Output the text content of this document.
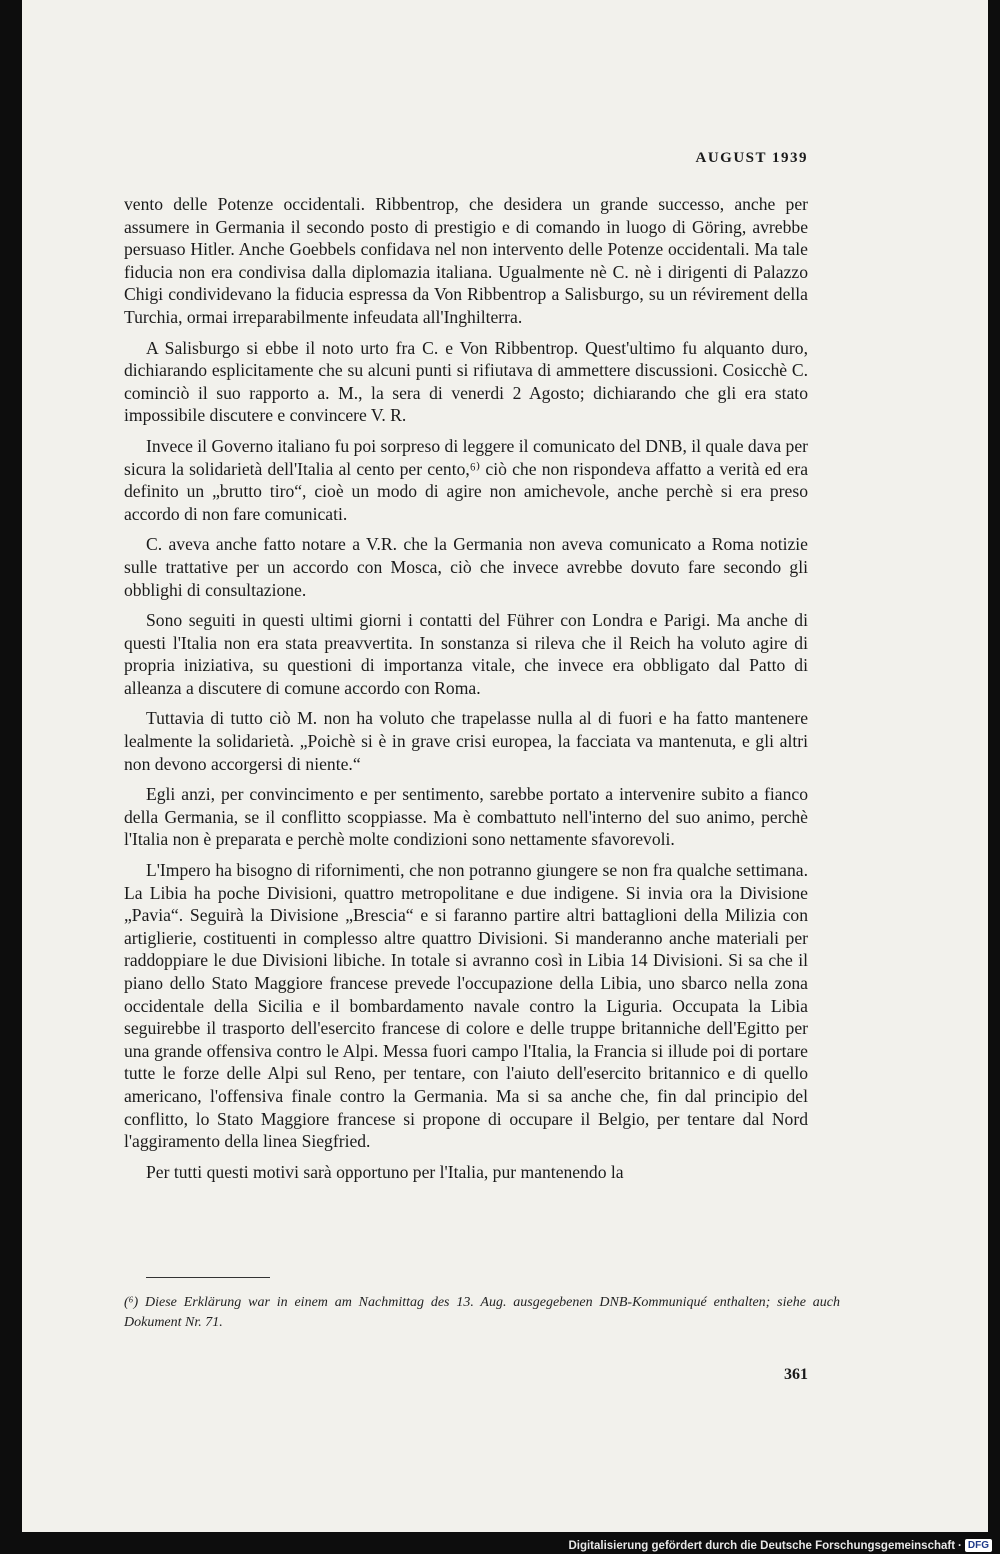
AUGUST 1939

vento delle Potenze occidentali. Ribbentrop, che desidera un grande successo, anche per assumere in Germania il secondo posto di prestigio e di comando in luogo di Göring, avrebbe persuaso Hitler. Anche Goebbels confidava nel non intervento delle Potenze occidentali. Ma tale fiducia non era condivisa dalla diplomazia italiana. Ugualmente nè C. nè i dirigenti di Palazzo Chigi condividevano la fiducia espressa da Von Ribbentrop a Salisburgo, su un révirement della Turchia, ormai irreparabilmente infeudata all'Inghilterra.

A Salisburgo si ebbe il noto urto fra C. e Von Ribbentrop. Quest'ultimo fu alquanto duro, dichiarando esplicitamente che su alcuni punti si rifiutava di ammettere discussioni. Cosicchè C. cominciò il suo rapporto a. M., la sera di venerdi 2 Agosto; dichiarando che gli era stato impossibile discutere e convincere V. R.

Invece il Governo italiano fu poi sorpreso di leggere il comunicato del DNB, il quale dava per sicura la solidarietà dell'Italia al cento per cento,⁶⁾ ciò che non rispondeva affatto a verità ed era definito un „brutto tiro“, cioè un modo di agire non amichevole, anche perchè si era preso accordo di non fare comunicati.

C. aveva anche fatto notare a V.R. che la Germania non aveva comunicato a Roma notizie sulle trattative per un accordo con Mosca, ciò che invece avrebbe dovuto fare secondo gli obblighi di consultazione.

Sono seguiti in questi ultimi giorni i contatti del Führer con Londra e Parigi. Ma anche di questi l'Italia non era stata preavvertita. In sonstanza si rileva che il Reich ha voluto agire di propria iniziativa, su questioni di importanza vitale, che invece era obbligato dal Patto di alleanza a discutere di comune accordo con Roma.

Tuttavia di tutto ciò M. non ha voluto che trapelasse nulla al di fuori e ha fatto mantenere lealmente la solidarietà. „Poichè si è in grave crisi europea, la facciata va mantenuta, e gli altri non devono accorgersi di niente.“

Egli anzi, per convincimento e per sentimento, sarebbe portato a intervenire subito a fianco della Germania, se il conflitto scoppiasse. Ma è combattuto nell'interno del suo animo, perchè l'Italia non è preparata e perchè molte condizioni sono nettamente sfavorevoli.

L'Impero ha bisogno di rifornimenti, che non potranno giungere se non fra qualche settimana. La Libia ha poche Divisioni, quattro metropolitane e due indigene. Si invia ora la Divisione „Pavia“. Seguirà la Divisione „Brescia“ e si faranno partire altri battaglioni della Milizia con artiglierie, costituenti in complesso altre quattro Divisioni. Si manderanno anche materiali per raddoppiare le due Divisioni libiche. In totale si avranno così in Libia 14 Divisioni. Si sa che il piano dello Stato Maggiore francese prevede l'occupazione della Libia, uno sbarco nella zona occidentale della Sicilia e il bombardamento navale contro la Liguria. Occupata la Libia seguirebbe il trasporto dell'esercito francese di colore e delle truppe britanniche dell'Egitto per una grande offensiva contro le Alpi. Messa fuori campo l'Italia, la Francia si illude poi di portare tutte le forze delle Alpi sul Reno, per tentare, con l'aiuto dell'esercito britannico e di quello americano, l'offensiva finale contro la Germania. Ma si sa anche che, fin dal principio del conflitto, lo Stato Maggiore francese si propone di occupare il Belgio, per tentare dal Nord l'aggiramento della linea Siegfried.

Per tutti questi motivi sarà opportuno per l'Italia, pur mantenendo la

(⁶) Diese Erklärung war in einem am Nachmittag des 13. Aug. ausgegebenen DNB-Kommuniqué enthalten; siehe auch Dokument Nr. 71.
361
Digitalisierung gefördert durch die Deutsche Forschungsgemeinschaft · DFG
